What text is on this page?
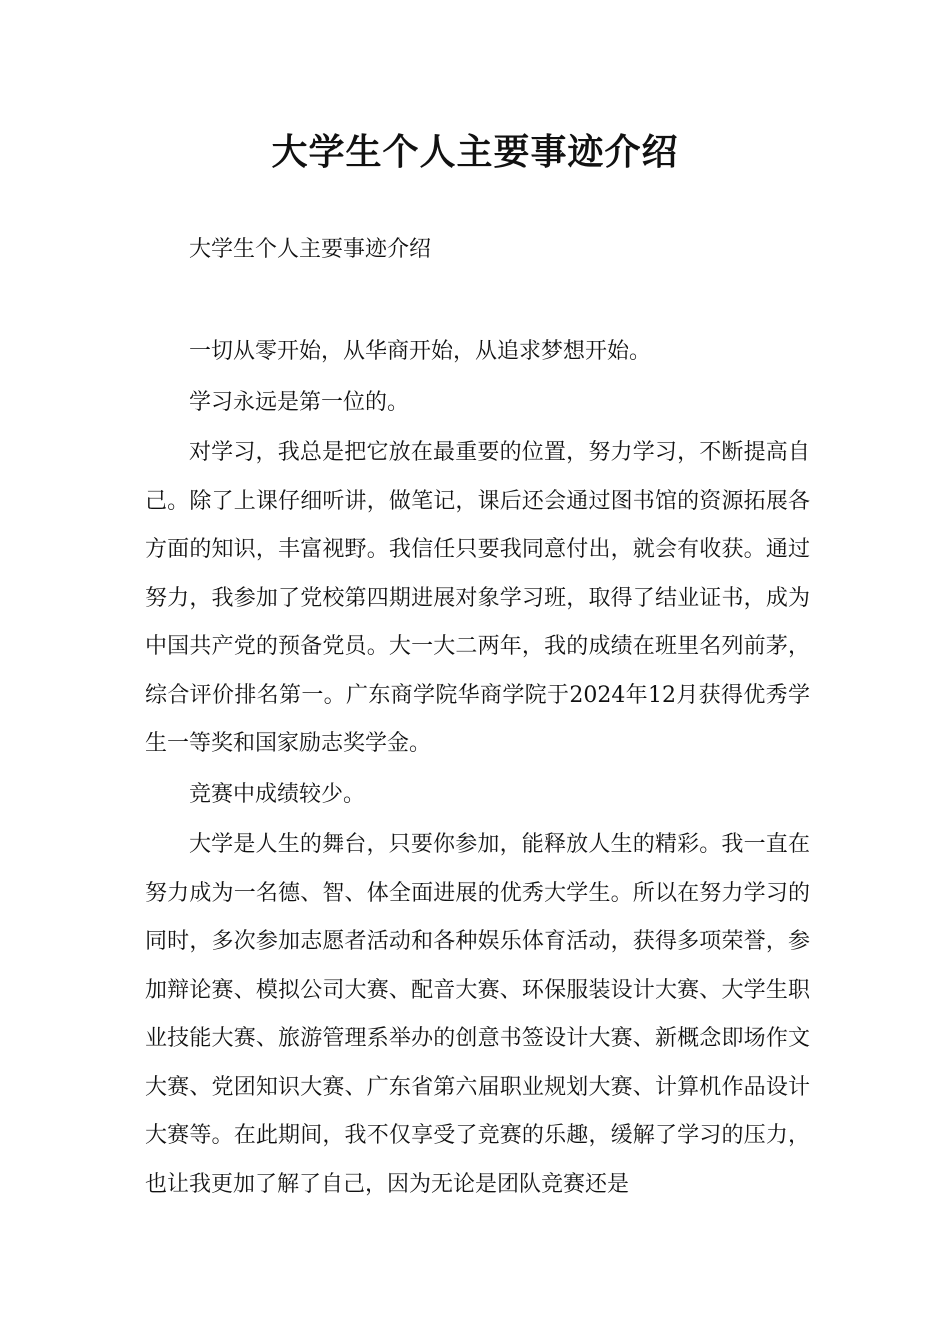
大学生个人主要事迹介绍

大学生个人主要事迹介绍

一切从零开始，从华商开始，从追求梦想开始。

学习永远是第一位的。

对学习，我总是把它放在最重要的位置，努力学习，不断提高自己。除了上课仔细听讲，做笔记，课后还会通过图书馆的资源拓展各方面的知识，丰富视野。我信任只要我同意付出，就会有收获。通过努力，我参加了党校第四期进展对象学习班，取得了结业证书，成为中国共产党的预备党员。大一大二两年，我的成绩在班里名列前茅，综合评价排名第一。广东商学院华商学院于2024年12月获得优秀学生一等奖和国家励志奖学金。

竞赛中成绩较少。

大学是人生的舞台，只要你参加，能释放人生的精彩。我一直在努力成为一名德、智、体全面进展的优秀大学生。所以在努力学习的同时，多次参加志愿者活动和各种娱乐体育活动，获得多项荣誉，参加辩论赛、模拟公司大赛、配音大赛、环保服装设计大赛、大学生职业技能大赛、旅游管理系举办的创意书签设计大赛、新概念即场作文大赛、党团知识大赛、广东省第六届职业规划大赛、计算机作品设计大赛等。在此期间，我不仅享受了竞赛的乐趣，缓解了学习的压力，也让我更加了解了自己，因为无论是团队竞赛还是
